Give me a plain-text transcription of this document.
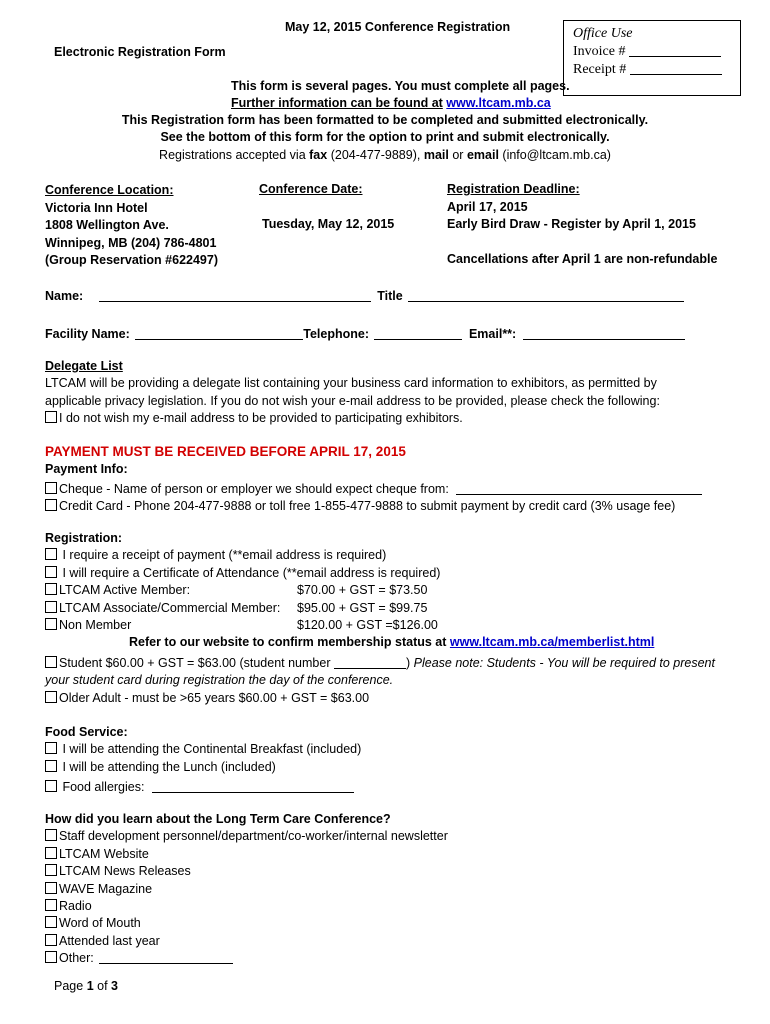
May 12, 2015 Conference Registration
Electronic Registration Form
Office Use
Invoice #
Receipt #
This form is several pages. You must complete all pages.
Further information can be found at www.ltcam.mb.ca
This Registration form has been formatted to be completed and submitted electronically.
See the bottom of this form for the option to print and submit electronically.
Registrations accepted via fax (204-477-9889), mail or email (info@ltcam.mb.ca)
Conference Location:
Victoria Inn Hotel
1808 Wellington Ave.
Winnipeg, MB (204) 786-4801
(Group Reservation #622497)
Conference Date:
Tuesday, May 12, 2015
Registration Deadline:
April 17, 2015
Early Bird Draw - Register by April 1, 2015
Cancellations after April 1 are non-refundable
Name:	Title
Facility Name:	Telephone:	Email**:
Delegate List
LTCAM will be providing a delegate list containing your business card information to exhibitors, as permitted by
applicable privacy legislation. If you do not wish your e-mail address to be provided, please check the following:
I do not wish my e-mail address to be provided to participating exhibitors.
PAYMENT MUST BE RECEIVED BEFORE APRIL 17, 2015
Payment Info:
Cheque - Name of person or employer we should expect cheque from:
Credit Card - Phone 204-477-9888 or toll free 1-855-477-9888 to submit payment by credit card (3% usage fee)
Registration:
I require a receipt of payment (**email address is required)
I will require a Certificate of Attendance (**email address is required)
LTCAM Active Member:	$70.00 + GST = $73.50
LTCAM Associate/Commercial Member: $95.00 + GST = $99.75
Non Member	$120.00 + GST =$126.00
Refer to our website to confirm membership status at www.ltcam.mb.ca/memberlist.html
Student $60.00 + GST = $63.00 (student number	) Please note: Students - You will be required to present
your student card during registration the day of the conference.
Older Adult - must be >65 years $60.00 + GST = $63.00
Food Service:
I will be attending the Continental Breakfast (included)
I will be attending the Lunch (included)
Food allergies:
How did you learn about the Long Term Care Conference?
Staff development personnel/department/co-worker/internal newsletter
LTCAM Website
LTCAM News Releases
WAVE Magazine
Radio
Word of Mouth
Attended last year
Other:
Page 1 of 3
